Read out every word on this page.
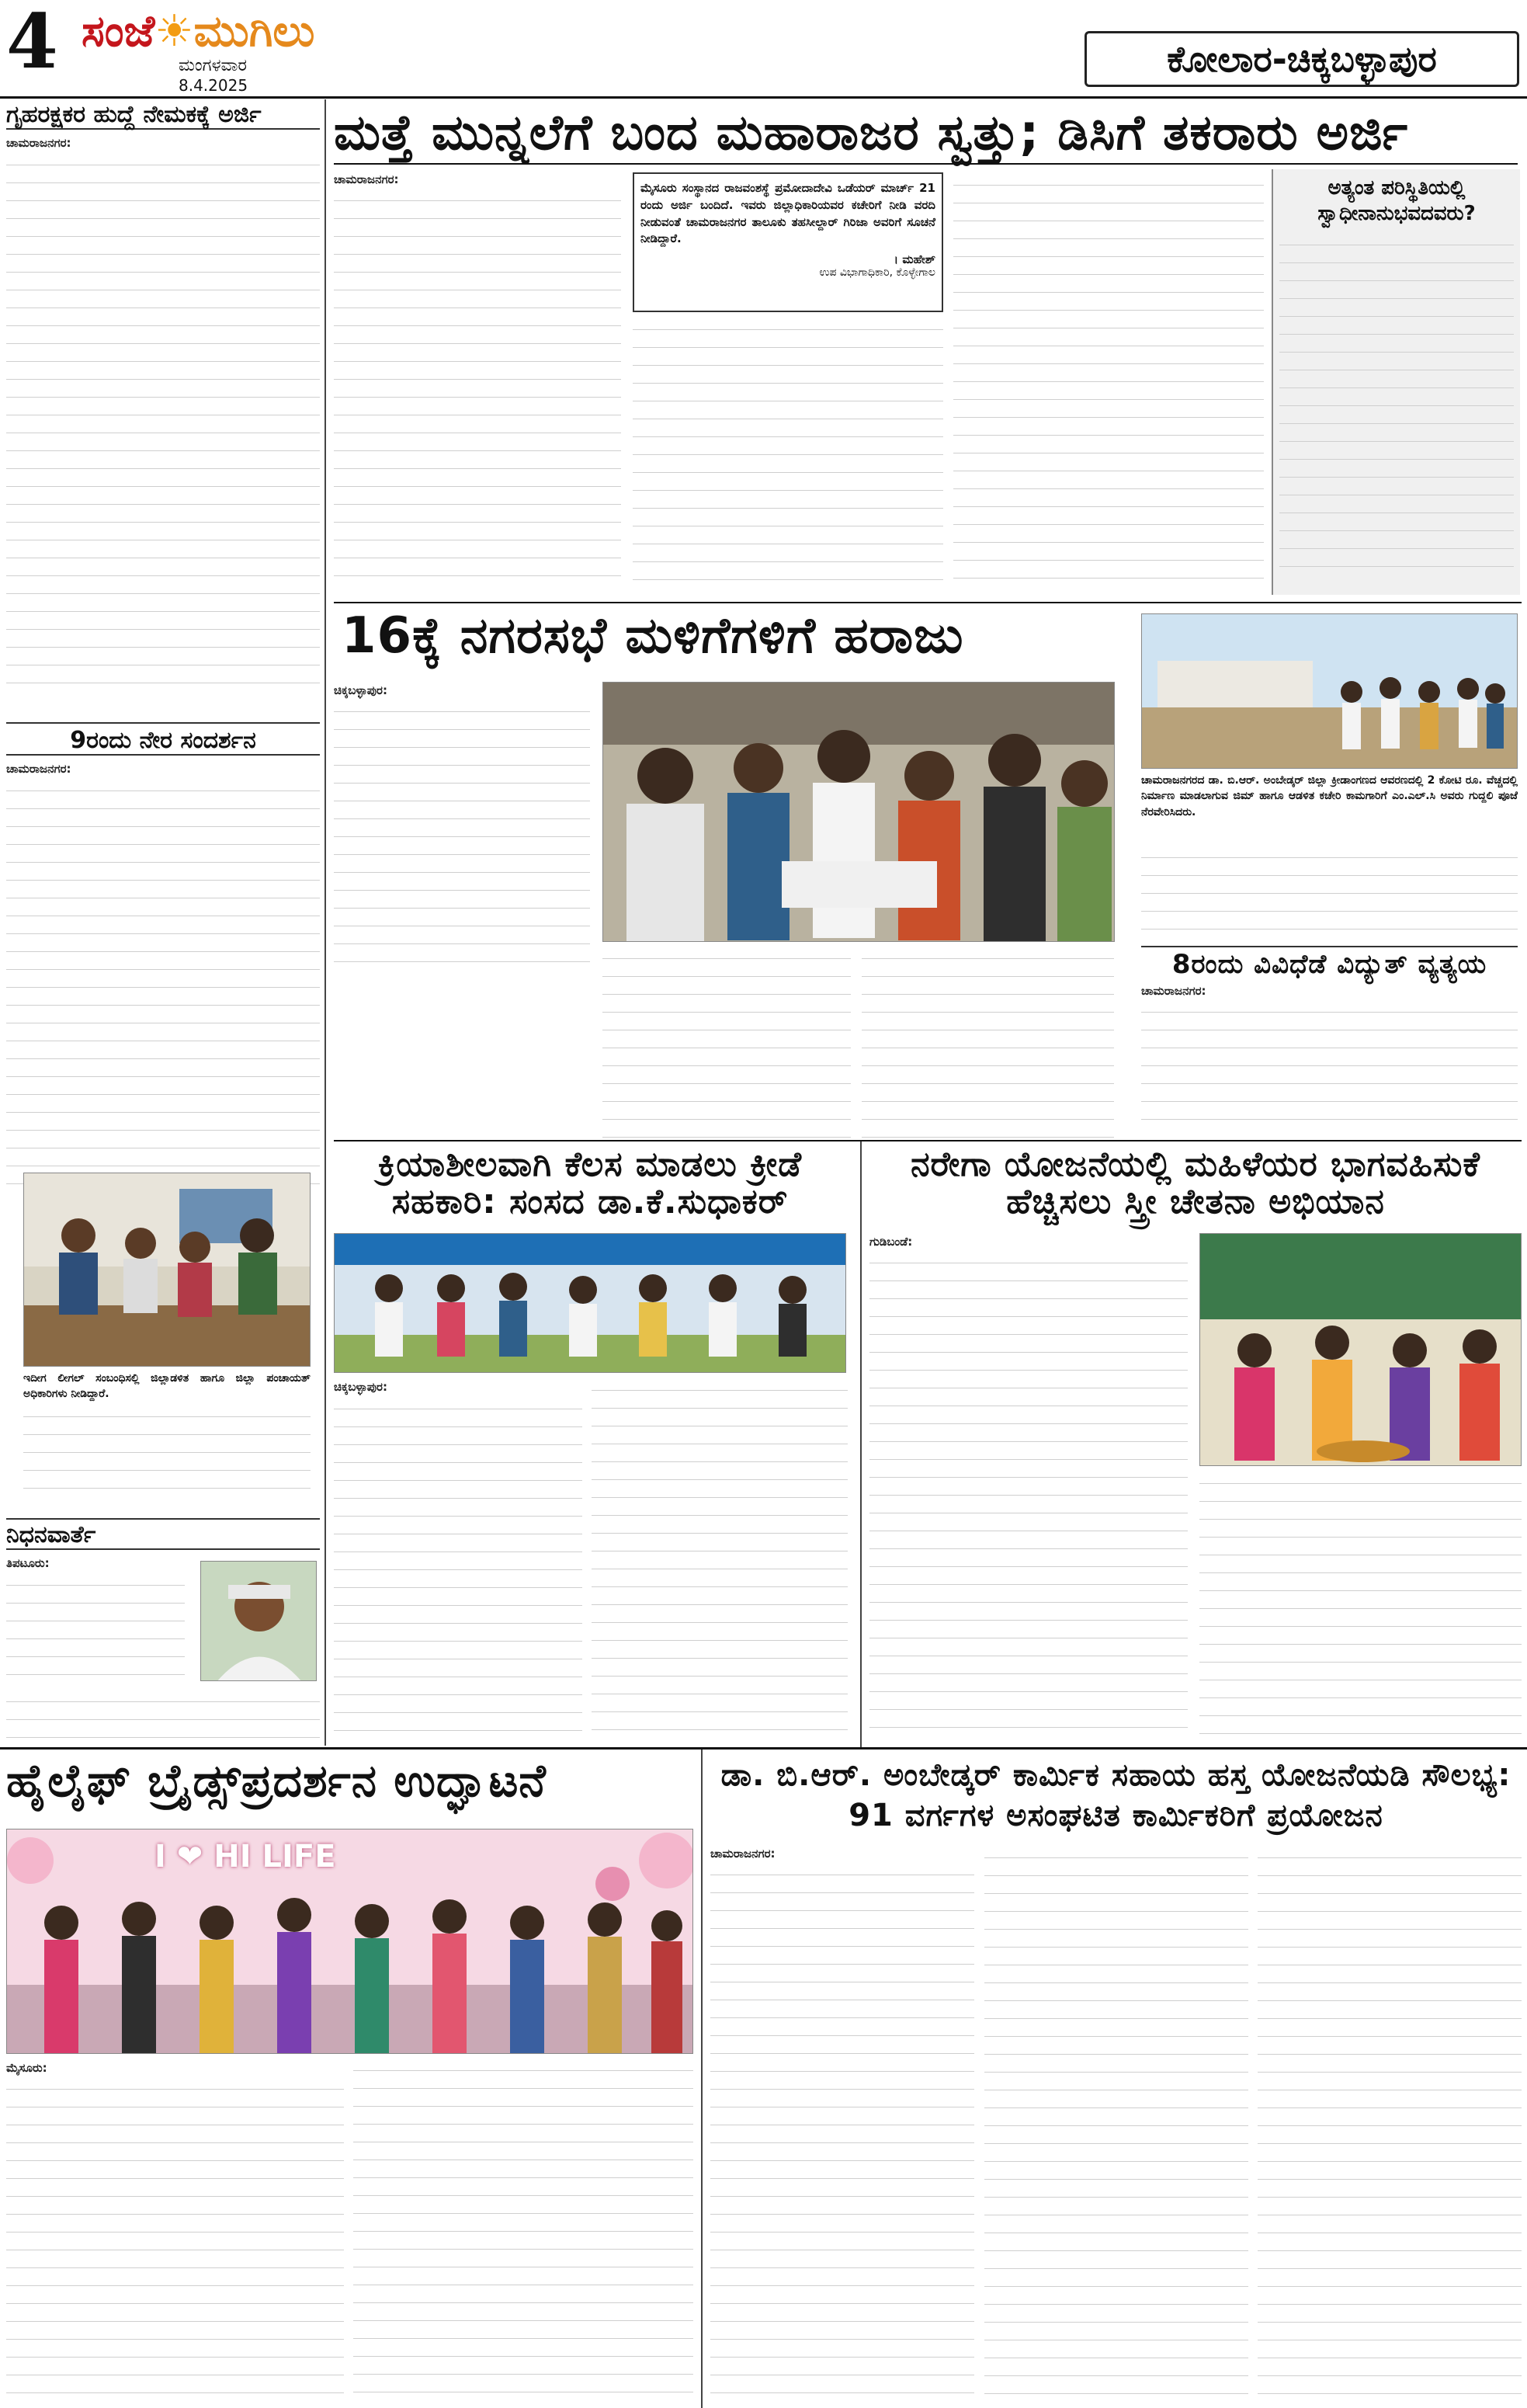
4 ಸಂಜೆ☀ಮುಗಿಲು
ಮಂಗಳವಾರ
8.4.2025
ಕೋಲಾರ-ಚಿಕ್ಕಬಳ್ಳಾಪುರ
ಗೃಹರಕ್ಷಕರ ಹುದ್ದೆ ನೇಮಕಕ್ಕೆ ಅರ್ಜಿ
ಚಾಮರಾಜನಗರ:
9ರಂದು ನೇರ ಸಂದರ್ಶನ
ಚಾಮರಾಜನಗರ:
ಇದೀಗ ಲೀಗಲ್ ಸಂಬಂಧಿಸಲ್ಲಿ ಜಿಲ್ಲಾಡಳಿತ ಹಾಗೂ ಜಿಲ್ಲಾ ಪಂಚಾಯತ್ ಅಧಿಕಾರಿಗಳು ನೀಡಿದ್ದಾರೆ.
ನಿಧನವಾರ್ತೆ
ತಿಪಟೂರು:
ಮತ್ತೆ ಮುನ್ನಲೆಗೆ ಬಂದ ಮಹಾರಾಜರ ಸ್ವತ್ತು; ಡಿಸಿಗೆ ತಕರಾರು ಅರ್ಜಿ
ಚಾಮರಾಜನಗರ:
ಮೈಸೂರು ಸಂಸ್ಥಾನದ ರಾಜವಂಶಸ್ಥೆ ಪ್ರಮೋದಾದೇವಿ ಒಡೆಯರ್ ಮಾರ್ಚ್ 21 ರಂದು ಅರ್ಜಿ ಬಂದಿದೆ. ಇವರು ಜಿಲ್ಲಾಧಿಕಾರಿಯವರ ಕಚೇರಿಗೆ ನೀಡಿ ವರದಿ ನೀಡುವಂತೆ ಚಾಮರಾಜನಗರ ತಾಲೂಕು ತಹಸೀಲ್ದಾರ್ ಗಿರಿಜಾ ಅವರಿಗೆ ಸೂಚನೆ ನೀಡಿದ್ದಾರೆ.
। ಮಹೇಶ್
ಉಪ ವಿಭಾಗಾಧಿಕಾರಿ, ಕೊಳ್ಳೇಗಾಲ
ಅತ್ಯಂತ ಪರಿಸ್ಥಿತಿಯಲ್ಲಿ ಸ್ವಾಧೀನಾನುಭವದವರು?
16ಕ್ಕೆ ನಗರಸಭೆ ಮಳಿಗೆಗಳಿಗೆ ಹರಾಜು
ಚಿಕ್ಕಬಳ್ಳಾಪುರ:
ಚಾಮರಾಜನಗರದ ಡಾ. ಬಿ.ಆರ್. ಅಂಬೇಡ್ಕರ್ ಜಿಲ್ಲಾ ಕ್ರೀಡಾಂಗಣದ ಆವರಣದಲ್ಲಿ 2 ಕೋಟಿ ರೂ. ವೆಚ್ಚದಲ್ಲಿ ನಿರ್ಮಾಣ ಮಾಡಲಾಗುವ ಜಿಮ್ ಹಾಗೂ ಆಡಳಿತ ಕಚೇರಿ ಕಾಮಗಾರಿಗೆ ಎಂ.ಎಲ್.ಸಿ ಅವರು ಗುದ್ದಲಿ ಪೂಜೆ ನೆರವೇರಿಸಿದರು.
8ರಂದು ವಿವಿಧೆಡೆ ವಿದ್ಯುತ್ ವ್ಯತ್ಯಯ
ಚಾಮರಾಜನಗರ:
ಕ್ರಿಯಾಶೀಲವಾಗಿ ಕೆಲಸ ಮಾಡಲು ಕ್ರೀಡೆ ಸಹಕಾರಿ: ಸಂಸದ ಡಾ.ಕೆ.ಸುಧಾಕರ್
ಚಿಕ್ಕಬಳ್ಳಾಪುರ:
ನರೇಗಾ ಯೋಜನೆಯಲ್ಲಿ ಮಹಿಳೆಯರ ಭಾಗವಹಿಸುಕೆ ಹೆಚ್ಚಿಸಲು ಸ್ತ್ರೀ ಚೇತನಾ ಅಭಿಯಾನ
ಗುಡಿಬಂಡೆ:
ಹೈಲೈಫ್ ಬ್ರೈಡ್ಸ್‌ಪ್ರದರ್ಶನ ಉದ್ಘಾಟನೆ
I ❤ HI LIFE
ಮೈಸೂರು:
ಡಾ. ಬಿ.ಆರ್. ಅಂಬೇಡ್ಕರ್ ಕಾರ್ಮಿಕ ಸಹಾಯ ಹಸ್ತ ಯೋಜನೆಯಡಿ ಸೌಲಭ್ಯ: 91 ವರ್ಗಗಳ ಅಸಂಘಟಿತ ಕಾರ್ಮಿಕರಿಗೆ ಪ್ರಯೋಜನ
ಚಾಮರಾಜನಗರ:
